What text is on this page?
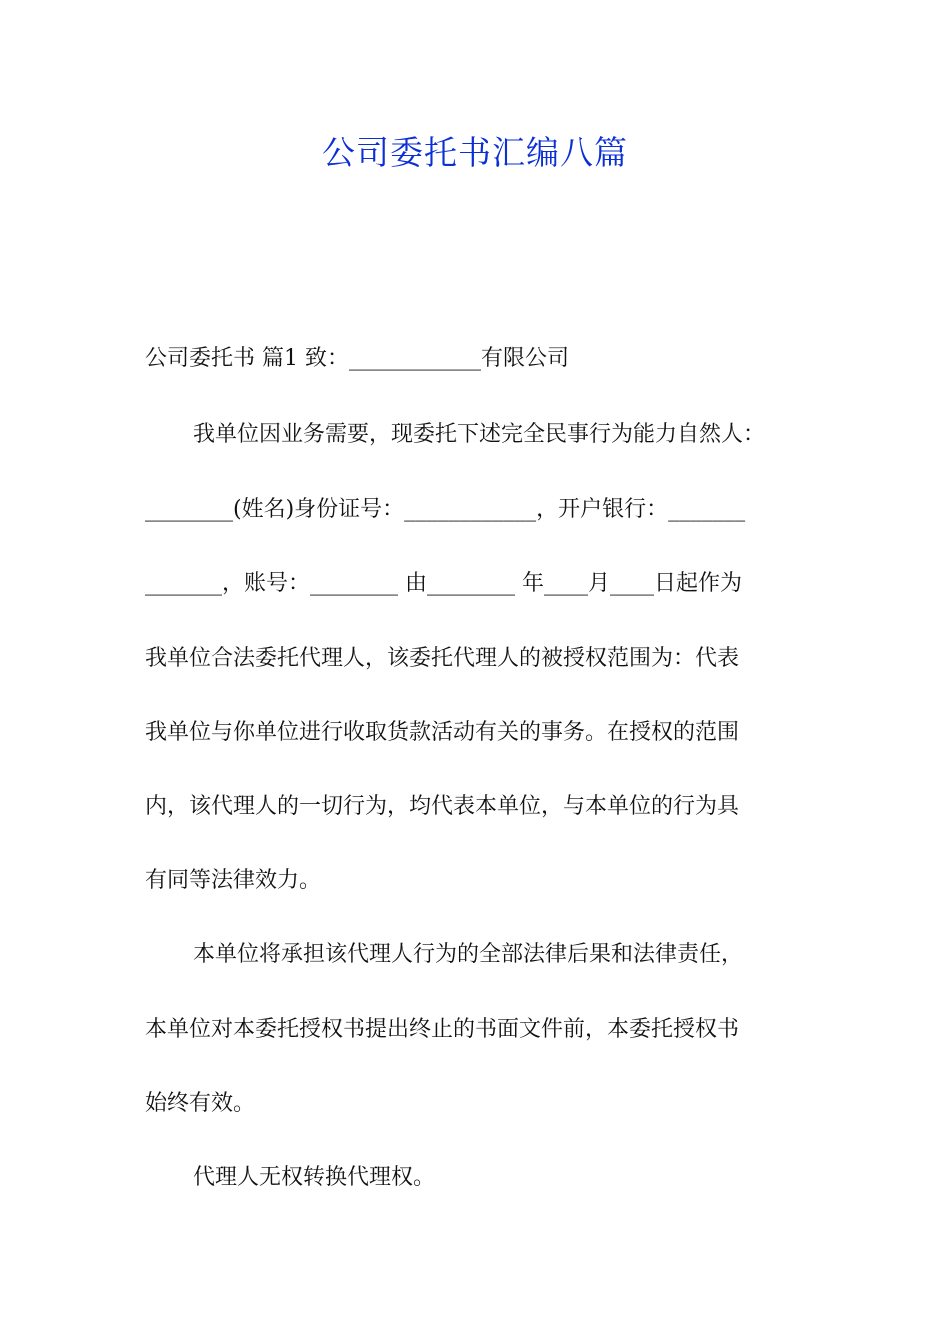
公司委托书汇编八篇
公司委托书 篇1 致：____________有限公司
我单位因业务需要，现委托下述完全民事行为能力自然人：
________(姓名)身份证号：____________，开户银行：_______
_______，账号：________ 由________ 年____月____日起作为
我单位合法委托代理人，该委托代理人的被授权范围为：代表
我单位与你单位进行收取货款活动有关的事务。在授权的范围
内，该代理人的一切行为，均代表本单位，与本单位的行为具
有同等法律效力。
本单位将承担该代理人行为的全部法律后果和法律责任，
本单位对本委托授权书提出终止的书面文件前，本委托授权书
始终有效。
代理人无权转换代理权。
